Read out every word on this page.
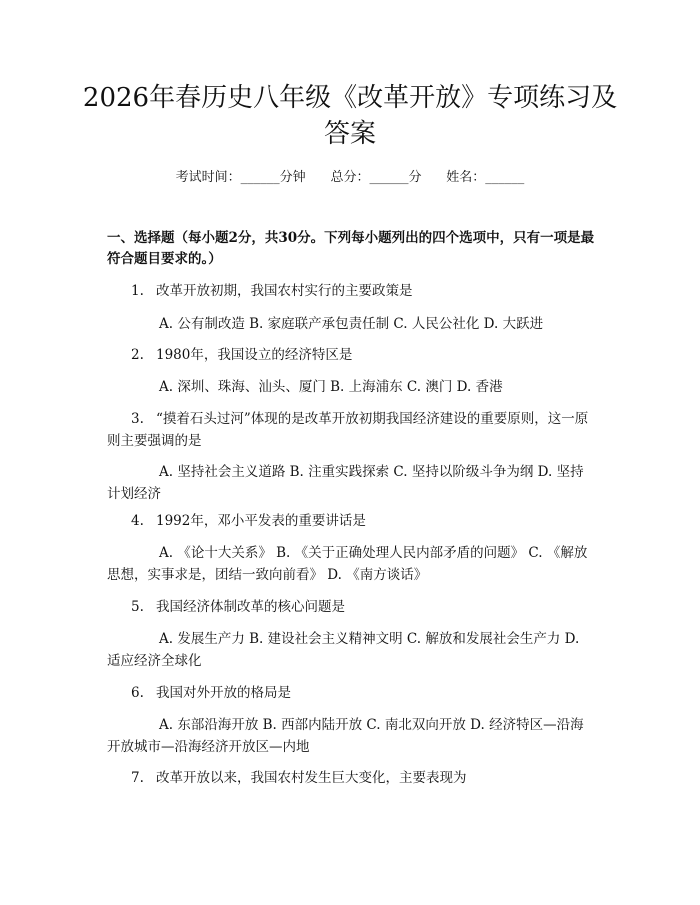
2026年春历史八年级《改革开放》专项练习及答案
考试时间：______分钟 总分：______分 姓名：______
一、选择题（每小题2分，共30分。下列每小题列出的四个选项中，只有一项是最符合题目要求的。）
1. 改革开放初期，我国农村实行的主要政策是
A. 公有制改造 B. 家庭联产承包责任制 C. 人民公社化 D. 大跃进
2. 1980年，我国设立的经济特区是
A. 深圳、珠海、汕头、厦门 B. 上海浦东 C. 澳门 D. 香港
3. “摸着石头过河”体现的是改革开放初期我国经济建设的重要原则，这一原则主要强调的是
A. 坚持社会主义道路 B. 注重实践探索 C. 坚持以阶级斗争为纲 D. 坚持计划经济
4. 1992年，邓小平发表的重要讲话是
A. 《论十大关系》 B. 《关于正确处理人民内部矛盾的问题》 C. 《解放思想，实事求是，团结一致向前看》 D. 《南方谈话》
5. 我国经济体制改革的核心问题是
A. 发展生产力 B. 建设社会主义精神文明 C. 解放和发展社会生产力 D. 适应经济全球化
6. 我国对外开放的格局是
A. 东部沿海开放 B. 西部内陆开放 C. 南北双向开放 D. 经济特区—沿海开放城市—沿海经济开放区—内地
7. 改革开放以来，我国农村发生巨大变化，主要表现为
